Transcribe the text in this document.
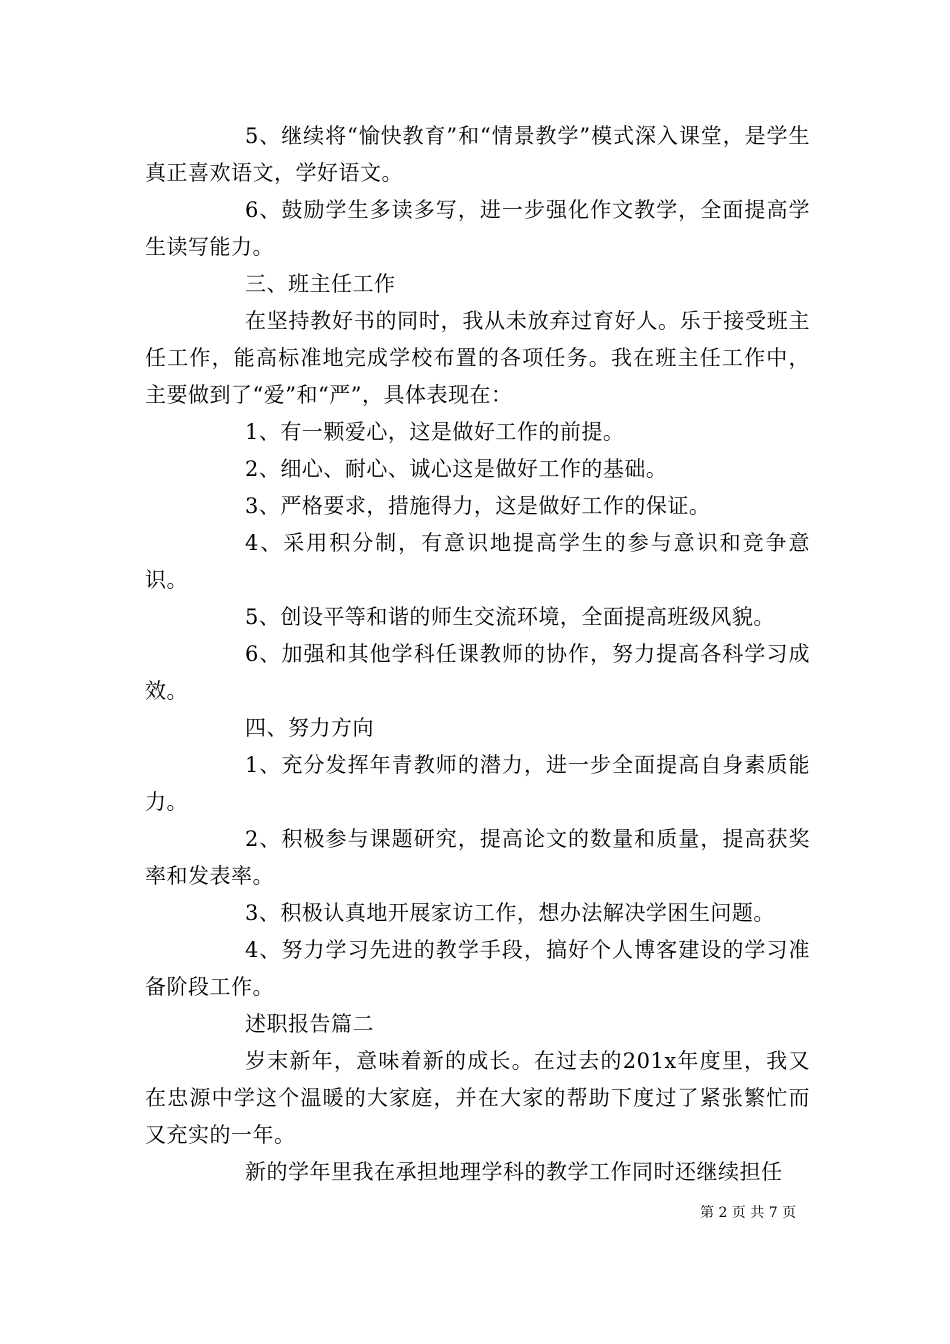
5、继续将“愉快教育”和“情景教学”模式深入课堂，是学生真正喜欢语文，学好语文。

6、鼓励学生多读多写，进一步强化作文教学，全面提高学生读写能力。

三、班主任工作

在坚持教好书的同时，我从未放弃过育好人。乐于接受班主任工作，能高标准地完成学校布置的各项任务。我在班主任工作中，主要做到了“爱”和“严”，具体表现在：

1、有一颗爱心，这是做好工作的前提。

2、细心、耐心、诚心这是做好工作的基础。

3、严格要求，措施得力，这是做好工作的保证。

4、采用积分制，有意识地提高学生的参与意识和竞争意识。

5、创设平等和谐的师生交流环境，全面提高班级风貌。

6、加强和其他学科任课教师的协作，努力提高各科学习成效。

四、努力方向

1、充分发挥年青教师的潜力，进一步全面提高自身素质能力。

2、积极参与课题研究，提高论文的数量和质量，提高获奖率和发表率。

3、积极认真地开展家访工作，想办法解决学困生问题。

4、努力学习先进的教学手段，搞好个人博客建设的学习准备阶段工作。

述职报告篇二

岁末新年，意味着新的成长。在过去的201x年度里，我又在忠源中学这个温暖的大家庭，并在大家的帮助下度过了紧张繁忙而又充实的一年。

新的学年里我在承担地理学科的教学工作同时还继续担任

第 2 页 共 7 页
